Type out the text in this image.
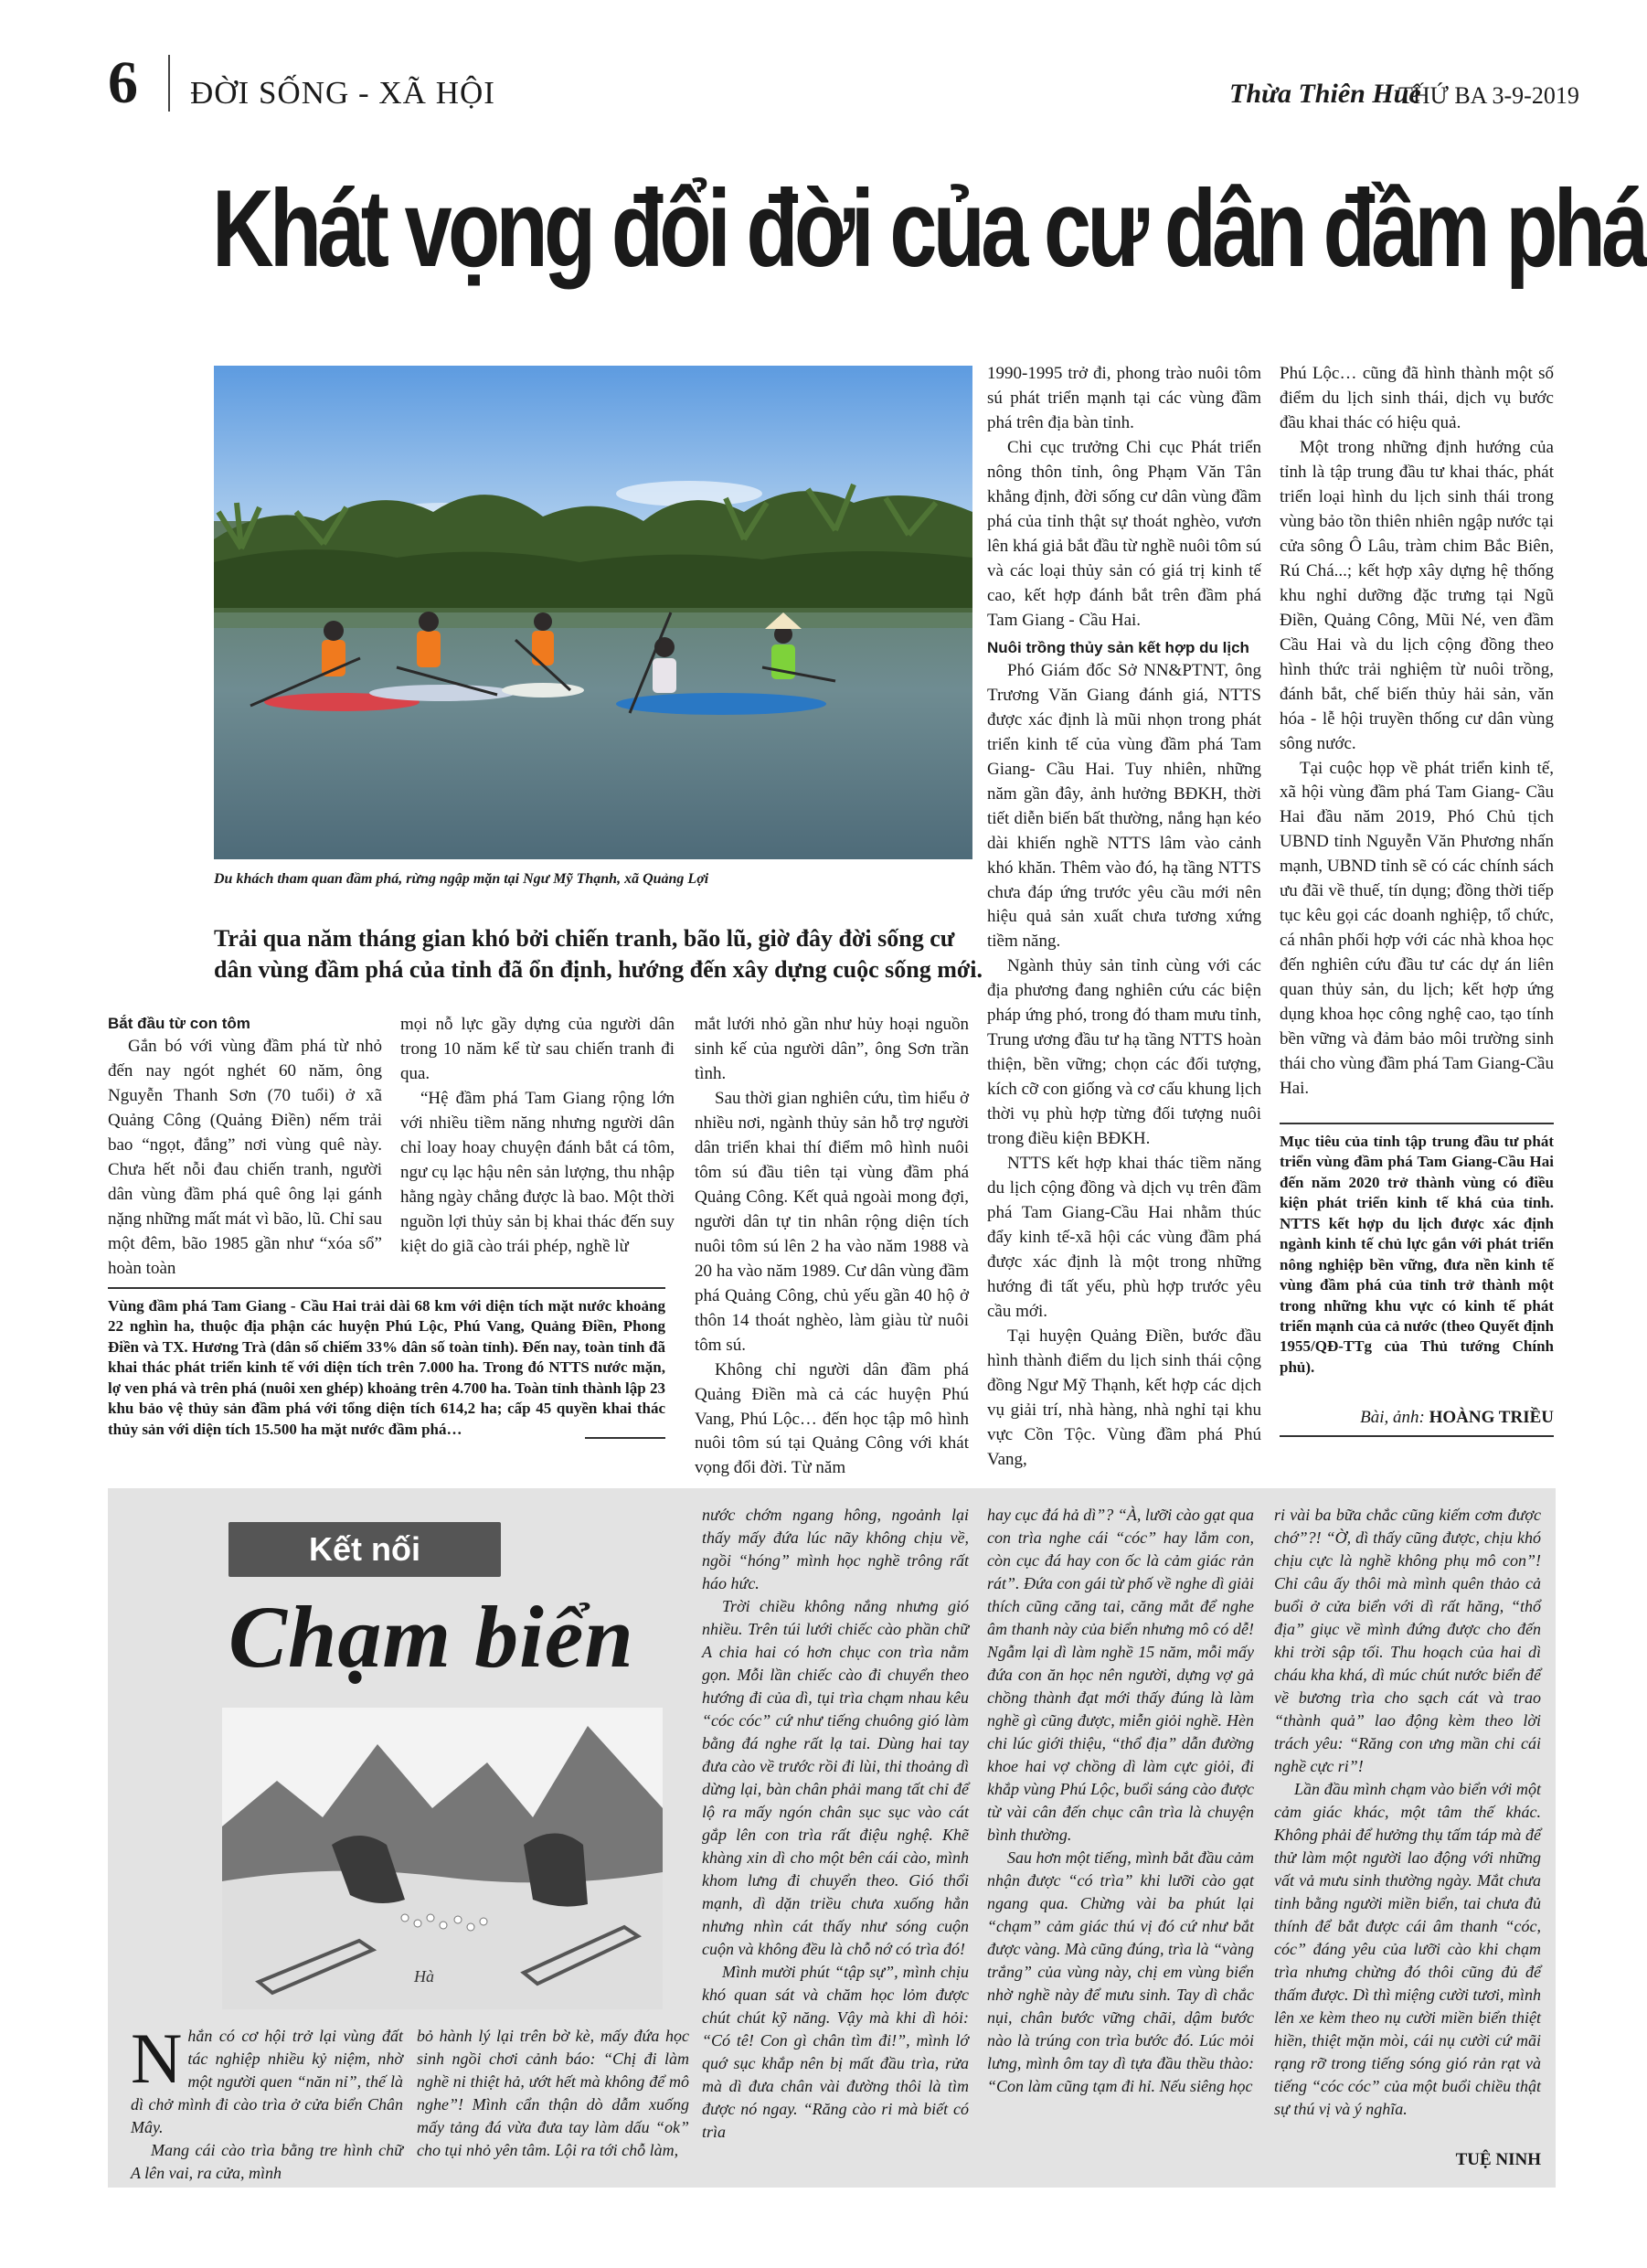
6 ĐỜI SỐNG - XÃ HỘI	Thừa Thiên Huế
THỨ BA 3-9-2019
Khát vọng đổi đời của cư dân đầm phá
Du khách tham quan đầm phá, rừng ngập mặn tại Ngư Mỹ Thạnh, xã Quảng Lợi
Trải qua năm tháng gian khó bởi chiến tranh, bão lũ, giờ đây đời sống cư dân vùng đầm phá của tỉnh đã ổn định, hướng đến xây dựng cuộc sống mới.
Bắt đầu từ con tôm

Gắn bó với vùng đầm phá từ nhỏ đến nay ngót nghét 60 năm, ông Nguyễn Thanh Sơn (70 tuổi) ở xã Quảng Công (Quảng Điền) nếm trải bao “ngọt, đắng” nơi vùng quê này. Chưa hết nỗi đau chiến tranh, người dân vùng đầm phá quê ông lại gánh nặng những mất mát vì bão, lũ. Chỉ sau một đêm, bão 1985 gần như “xóa sổ” hoàn toàn

mọi nỗ lực gầy dựng của người dân trong 10 năm kể từ sau chiến tranh đi qua.

“Hệ đầm phá Tam Giang rộng lớn với nhiều tiềm năng nhưng người dân chỉ loay hoay chuyện đánh bắt cá tôm, ngư cụ lạc hậu nên sản lượng, thu nhập hằng ngày chẳng được là bao. Một thời nguồn lợi thủy sản bị khai thác đến suy kiệt do giã cào trái phép, nghề lừ

Vùng đầm phá Tam Giang - Cầu Hai trải dài 68 km với diện tích mặt nước khoảng 22 nghìn ha, thuộc địa phận các huyện Phú Lộc, Phú Vang, Quảng Điền, Phong Điền và TX. Hương Trà (dân số chiếm 33% dân số toàn tỉnh). Đến nay, toàn tỉnh đã khai thác phát triển kinh tế với diện tích trên 7.000 ha. Trong đó NTTS nước mặn, lợ ven phá và trên phá (nuôi xen ghép) khoảng trên 4.700 ha. Toàn tỉnh thành lập 23 khu bảo vệ thủy sản đầm phá với tổng diện tích 614,2 ha; cấp 45 quyền khai thác thủy sản với diện tích 15.500 ha mặt nước đầm phá…

mắt lưới nhỏ gần như hủy hoại nguồn sinh kế của người dân”, ông Sơn trần tình.

Sau thời gian nghiên cứu, tìm hiểu ở nhiều nơi, ngành thủy sản hỗ trợ người dân triển khai thí điểm mô hình nuôi tôm sú đầu tiên tại vùng đầm phá Quảng Công. Kết quả ngoài mong đợi, người dân tự tin nhân rộng diện tích nuôi tôm sú lên 2 ha vào năm 1988 và 20 ha vào năm 1989. Cư dân vùng đầm phá Quảng Công, chủ yếu gần 40 hộ ở thôn 14 thoát nghèo, làm giàu từ nuôi tôm sú.

Không chỉ người dân đầm phá Quảng Điền mà cả các huyện Phú Vang, Phú Lộc… đến học tập mô hình nuôi tôm sú tại Quảng Công với khát vọng đổi đời. Từ năm

1990-1995 trở đi, phong trào nuôi tôm sú phát triển mạnh tại các vùng đầm phá trên địa bàn tỉnh.

Chi cục trưởng Chi cục Phát triển nông thôn tỉnh, ông Phạm Văn Tân khẳng định, đời sống cư dân vùng đầm phá của tỉnh thật sự thoát nghèo, vươn lên khá giả bắt đầu từ nghề nuôi tôm sú và các loại thủy sản có giá trị kinh tế cao, kết hợp đánh bắt trên đầm phá Tam Giang - Cầu Hai.

Nuôi trồng thủy sản kết hợp du lịch

Phó Giám đốc Sở NN&PTNT, ông Trương Văn Giang đánh giá, NTTS được xác định là mũi nhọn trong phát triển kinh tế của vùng đầm phá Tam Giang- Cầu Hai. Tuy nhiên, những năm gần đây, ảnh hưởng BĐKH, thời tiết diễn biến bất thường, nắng hạn kéo dài khiến nghề NTTS lâm vào cảnh khó khăn. Thêm vào đó, hạ tầng NTTS chưa đáp ứng trước yêu cầu mới nên hiệu quả sản xuất chưa tương xứng tiềm năng.

Ngành thủy sản tỉnh cùng với các địa phương đang nghiên cứu các biện pháp ứng phó, trong đó tham mưu tỉnh, Trung ương đầu tư hạ tầng NTTS hoàn thiện, bền vững; chọn các đối tượng, kích cỡ con giống và cơ cấu khung lịch thời vụ phù hợp từng đối tượng nuôi trong điều kiện BĐKH.

NTTS kết hợp khai thác tiềm năng du lịch cộng đồng và dịch vụ trên đầm phá Tam Giang-Cầu Hai nhằm thúc đẩy kinh tế-xã hội các vùng đầm phá được xác định là một trong những hướng đi tất yếu, phù hợp trước yêu cầu mới.

Tại huyện Quảng Điền, bước đầu hình thành điểm du lịch sinh thái cộng đồng Ngư Mỹ Thạnh, kết hợp các dịch vụ giải trí, nhà hàng, nhà nghỉ tại khu vực Cồn Tộc. Vùng đầm phá Phú Vang,

Phú Lộc… cũng đã hình thành một số điểm du lịch sinh thái, dịch vụ bước đầu khai thác có hiệu quả.

Một trong những định hướng của tỉnh là tập trung đầu tư khai thác, phát triển loại hình du lịch sinh thái trong vùng bảo tồn thiên nhiên ngập nước tại cửa sông Ô Lâu, tràm chim Bắc Biên, Rú Chá...; kết hợp xây dựng hệ thống khu nghỉ dưỡng đặc trưng tại Ngũ Điền, Quảng Công, Mũi Né, ven đầm Cầu Hai và du lịch cộng đồng theo hình thức trải nghiệm từ nuôi trồng, đánh bắt, chế biến thủy hải sản, văn hóa - lễ hội truyền thống cư dân vùng sông nước.

Tại cuộc họp về phát triển kinh tế, xã hội vùng đầm phá Tam Giang- Cầu Hai đầu năm 2019, Phó Chủ tịch UBND tỉnh Nguyễn Văn Phương nhấn mạnh, UBND tỉnh sẽ có các chính sách ưu đãi về thuế, tín dụng; đồng thời tiếp tục kêu gọi các doanh nghiệp, tổ chức, cá nhân phối hợp với các nhà khoa học đến nghiên cứu đầu tư các dự án liên quan thủy sản, du lịch; kết hợp ứng dụng khoa học công nghệ cao, tạo tính bền vững và đảm bảo môi trường sinh thái cho vùng đầm phá Tam Giang-Cầu Hai.

Mục tiêu của tỉnh tập trung đầu tư phát triển vùng đầm phá Tam Giang-Cầu Hai đến năm 2020 trở thành vùng có điều kiện phát triển kinh tế khá của tỉnh. NTTS kết hợp du lịch được xác định ngành kinh tế chủ lực gắn với phát triển nông nghiệp bền vững, đưa nền kinh tế vùng đầm phá của tỉnh trở thành một trong những khu vực có kinh tế phát triển mạnh của cả nước (theo Quyết định 1955/QĐ-TTg của Thủ tướng Chính phủ).
Bài, ảnh: HOÀNG TRIỀU
Kết nối
Chạm biển
Hà

Nhắn có cơ hội trở lại vùng đất tác nghiệp nhiều kỷ niệm, nhờ một người quen “năn nỉ”, thế là dì chở mình đi cào trìa ở cửa biển Chân Mây.

Mang cái cào trìa bằng tre hình chữ A lên vai, ra cửa, mình

bỏ hành lý lại trên bờ kè, mấy đứa học sinh ngồi chơi cảnh báo: “Chị đi làm nghề ni thiệt hả, ướt hết mà không để mô nghe”! Mình cẩn thận dò dẫm xuống mấy tảng đá vừa đưa tay làm dấu “ok” cho tụi nhỏ yên tâm. Lội ra tới chỗ làm,

nước chớm ngang hông, ngoảnh lại thấy mấy đứa lúc nãy không chịu về, ngồi “hóng” mình học nghề trông rất háo hức.

Trời chiều không nắng nhưng gió nhiều. Trên túi lưới chiếc cào phần chữ A chia hai có hơn chục con trìa nằm gọn. Mỗi lần chiếc cào đi chuyển theo hướng đi của dì, tụi trìa chạm nhau kêu “cóc cóc” cứ như tiếng chuông gió làm bằng đá nghe rất lạ tai. Dùng hai tay đưa cào về trước rồi đi lùi, thi thoảng dì dừng lại, bàn chân phải mang tất chỉ để lộ ra mấy ngón chân sục sục vào cát gắp lên con trìa rất điệu nghệ. Khẽ khàng xin dì cho một bên cái cào, mình khom lưng đi chuyển theo. Gió thổi mạnh, dì dặn triều chưa xuống hẳn nhưng nhìn cát thấy như sóng cuộn cuộn và không đều là chỗ nớ có trìa đó!

Mình mười phút “tập sự”, mình chịu khó quan sát và chăm học lỏm được chút chút kỹ năng. Vậy mà khi dì hỏi: “Có tê! Con gì chân tìm đi!”, mình lớ quớ sục khắp nên bị mất đầu trìa, rửa mà dì đưa chân vài đường thôi là tìm được nó ngay. “Răng cào ri mà biết có trìa

hay cục đá hả dì”? “À, lưỡi cào gạt qua con trìa nghe cái “cóc” hay lắm con, còn cục đá hay con ốc là cảm giác rản rát”. Đứa con gái từ phố về nghe dì giải thích cũng căng tai, căng mắt để nghe âm thanh này của biển nhưng mô có dễ! Ngẫm lại dì làm nghề 15 năm, mỗi mấy đứa con ăn học nên người, dựng vợ gả chồng thành đạt mới thấy đúng là làm nghề gì cũng được, miễn giỏi nghề. Hèn chi lúc giới thiệu, “thổ địa” dẫn đường khoe hai vợ chồng dì làm cực giỏi, đi khắp vùng Phú Lộc, buổi sáng cào được từ vài cân đến chục cân trìa là chuyện bình thường.

Sau hơn một tiếng, mình bắt đầu cảm nhận được “có trìa” khi lưỡi cào gạt ngang qua. Chừng vài ba phút lại “chạm” cảm giác thú vị đó cứ như bắt được vàng. Mà cũng đúng, trìa là “vàng trắng” của vùng này, chị em vùng biển nhờ nghề này để mưu sinh. Tay dì chắc nụi, chân bước vững chãi, dậm bước nào là trúng con trìa bước đó. Lúc mỏi lưng, mình ôm tay dì tựa đầu thều thào: “Con làm cũng tạm đi hỉ. Nếu siêng học

ri vài ba bữa chắc cũng kiếm cơm được chớ”?! “Ờ, dì thấy cũng được, chịu khó chịu cực là nghề không phụ mô con”! Chỉ câu ấy thôi mà mình quên thảo cả buổi ở cửa biển với dì rất hăng, “thổ địa” giục về mình đứng được cho đến khi trời sập tối. Thu hoạch của hai dì cháu kha khá, dì múc chút nước biển để về bương trìa cho sạch cát và trao “thành quả” lao động kèm theo lời trách yêu: “Răng con ưng mần chi cái nghề cực ri”!

Lần đầu mình chạm vào biển với một cảm giác khác, một tâm thế khác. Không phải để hưởng thụ tấm táp mà để thử làm một người lao động với những vất vả mưu sinh thường ngày. Mắt chưa tinh bằng người miền biển, tai chưa đủ thính để bắt được cái âm thanh “cóc, cóc” đáng yêu của lưỡi cào khi chạm trìa nhưng chừng đó thôi cũng đủ để thấm được. Dì thì miệng cười tươi, mình lên xe kèm theo nụ cười miền biển thiệt hiền, thiệt mặn mòi, cái nụ cười cứ mãi rạng rỡ trong tiếng sóng gió rản rạt và tiếng “cóc cóc” của một buổi chiều thật sự thú vị và ý nghĩa.

TUỆ NINH
